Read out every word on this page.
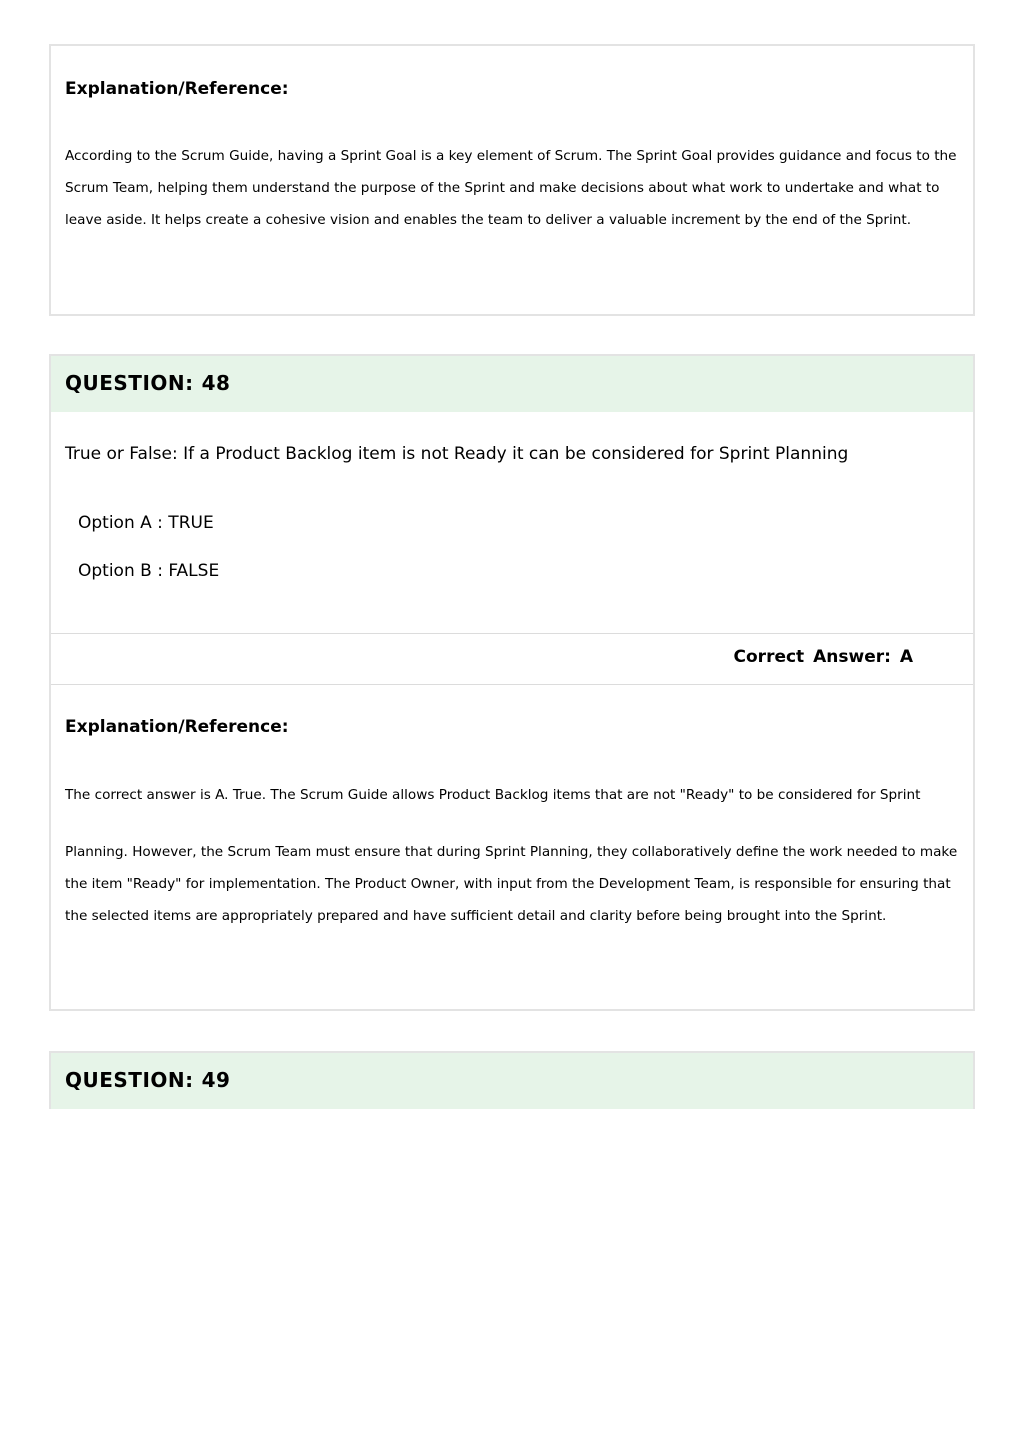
Explanation/Reference:
According to the Scrum Guide, having a Sprint Goal is a key element of Scrum. The Sprint Goal provides guidance and focus to the Scrum Team, helping them understand the purpose of the Sprint and make decisions about what work to undertake and what to leave aside. It helps create a cohesive vision and enables the team to deliver a valuable increment by the end of the Sprint.
QUESTION: 48
True or False: If a Product Backlog item is not Ready it can be considered for Sprint Planning
Option A : TRUE
Option B : FALSE
Correct Answer: A
Explanation/Reference:
The correct answer is A. True. The Scrum Guide allows Product Backlog items that are not "Ready" to be considered for Sprint
Planning. However, the Scrum Team must ensure that during Sprint Planning, they collaboratively define the work needed to make the item "Ready" for implementation. The Product Owner, with input from the Development Team, is responsible for ensuring that the selected items are appropriately prepared and have sufficient detail and clarity before being brought into the Sprint.
QUESTION: 49
